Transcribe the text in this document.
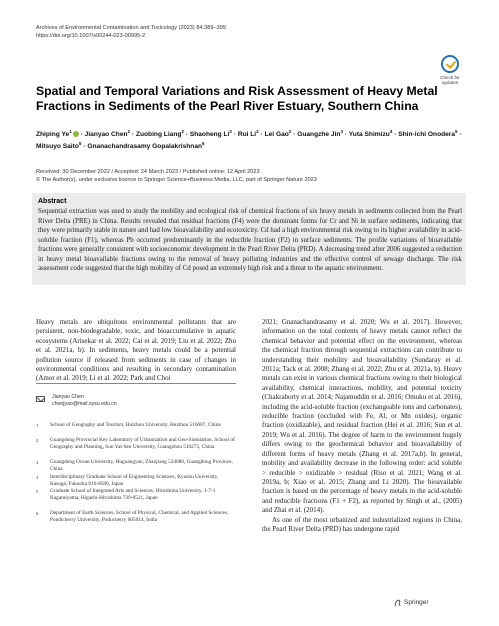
Archives of Environmental Contamination and Toxicology (2023) 84:389–399
https://doi.org/10.1007/s00244-023-00995-2
Check for
updates
Spatial and Temporal Variations and Risk Assessment of Heavy Metal Fractions in Sediments of the Pearl River Estuary, Southern China
Zhiping $Ye^1$ · Jianyao Chen$^2$ · Zuobing Liang$^2$ · Shaoheng $Li^2$ · Rui $Li^2$ · Lei Gao$^2$ · Guangzhe Jin$^3$ · Yuta Shimizu$^4$ · Shin-ichi Onodera$^5$ · Mitsuyo Saito$^5$ · Gnanachandrasamy Gopalakrishnan$^6$
Received: 30 December 2022 / Accepted: 24 March 2023 / Published online: 12 April 2023
© The Author(s), under exclusive licence to Springer Science+Business Media, LLC, part of Springer Nature 2023
Abstract
Sequential extraction was used to study the mobility and ecological risk of chemical fractions of six heavy metals in sediments collected from the Pearl River Delta (PRE) in China. Results revealed that residual fractions (F4) were the dominant forms for Cr and Ni in surface sediments, indicating that they were primarily stable in nature and had low bioavailability and ecotoxicity. Cd had a high environmental risk owing to its higher availability in acid-soluble fraction (F1), whereas Pb occurred predominantly in the reducible fraction (F2) in surface sediments. The profile variations of bioavailable fractions were generally consistent with socioeconomic development in the Pearl River Delta (PRD). A decreasing trend after 2006 suggested a reduction in heavy metal bioavailable fractions owing to the removal of heavy polluting industries and the effective control of sewage discharge. The risk assessment code suggested that the high mobility of Cd posed an extremely high risk and a threat to the aquatic environment.
Heavy metals are ubiquitous environmental pollutants that are persistent, non-biodegradable, toxic, and bioaccumulative in aquatic ecosystems (Arisekar et al. 2022; Cai et al. 2019; Liu et al. 2022; Zhu et al. 2021a, b). In sediments, heavy metals could be a potential pollution source if released from sediments in case of changes in environmental conditions and resulting in secondary contamination (Amor et al. 2019; Li et al. 2022; Park and Choi
Jianyao Chen
chenjyao@mail.sysu.edu.cn
1 School of Geography and Tourism, Huizhou University, Huizhou 516007, China
2 Guangdong Provincial Key Laboratory of Urbanization and Geo-Simulation, School of Geography and Planning, Sun Yat-Sen University, Guangzhou 510275, China
3 Guangdong Ocean University, Huguangyan, Zhanjiang 524088, Guangdong Province, China
4 Interdisciplinary Graduate School of Engineering Sciences, Kyushu University, Kasuga, Fukuoka 816-8580, Japan
5 Graduate School of Integrated Arts and Sciences, Hiroshima University, 1-7-1 Kagamiyama, Higashi-Hiroshima 739-8521, Japan
6 Department of Earth Sciences, School of Physical, Chemical, and Applied Sciences, Pondicherry University, Puducherry 605014, India
2021; Gnanachandrasamy et al. 2020; Wu et al. 2017). However, information on the total contents of heavy metals cannot reflect the chemical behavior and potential effect on the environment, whereas the chemical fraction through sequential extractions can contribute to understanding their mobility and bioavailability (Sundaray et al. 2011a; Tack et al. 2008; Zhang et al. 2022; Zhu et al. 2021a, b). Heavy metals can exist in various chemical fractions owing to their biological availability, chemical interactions, mobility, and potential toxicity (Chakraborty et al. 2014; Najamuddin et al. 2016; Omuku et al. 2016), including the acid-soluble fraction (exchangeable ions and carbonates), reducible fraction (occluded with Fe, Al, or Mn oxides), organic fraction (oxidizable), and residual fraction (Hei et al. 2016; Sun et al. 2019; Wu et al. 2016). The degree of harm to the environment hugely differs owing to the geochemical behavior and bioavailability of different forms of heavy metals (Zhang et al. 2017a,b). In general, mobility and availability decrease in the following order: acid soluble > reducible > oxidizable > residual (Riso et al. 2021; Wang et al. 2019a, b; Xiao et al. 2015; Zhang and Li 2020). The bioavailable fraction is based on the percentage of heavy metals in the acid-soluble and reducible fractions (F1 + F2), as reported by Singh et al., (2005) and Zhai et al. (2014).
As one of the most urbanized and industrialized regions in China, the Pearl River Delta (PRD) has undergone rapid
Springer
